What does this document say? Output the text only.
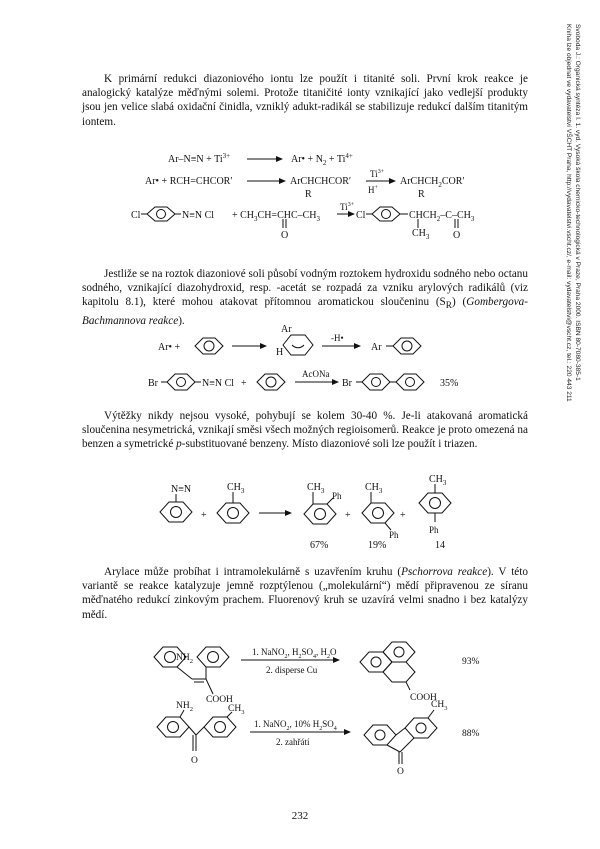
Svoboda J.: Organická syntéza I. 1. vyd. Vysoká škola chemicko-technologická v Praze, Praha 2000. ISBN 80-7080-385-1
Kniha lze objednat ve vydavatelství VŠCHT Praha, http://vydavatelstvi.vscht.cz/, e-mail: vydavatelstvi@vscht.cz, tel.: 220 443 211
K primární redukci diazoniového iontu lze použít i titanité soli. První krok reakce je analogický katalýze měďnými solemi. Protože titaničité ionty vznikající jako vedlejší produkty jsou jen velice slabá oxidační činidla, vzniklý adukt-radikál se stabilizuje redukcí dalším titanitým iontem.
Jestliže se na roztok diazoniové soli působí vodným roztokem hydroxidu sodného nebo octanu sodného, vznikající diazohydroxid, resp. -acetát se rozpadá za vzniku arylových radikálů (viz kapitolu 8.1), které mohou atakovat přítomnou aromatickou sloučeninu $(S_R)$ (Gombergova-Bachmannova reakce).
Výtěžky nikdy nejsou vysoké, pohybují se kolem 30-40 %. Je-li atakovaná aromatická sloučenina nesymetrická, vznikají směsi všech možných regioisomerů. Reakce je proto omezená na benzen a symetrické p-substituované benzeny. Místo diazoniové soli lze použít i triazen.
Arylace může probíhat i intramolekulárně s uzavřením kruhu (Pschorrova reakce). V této variantě se reakce katalyzuje jemně rozptýlenou („molekulární“) mědí připravenou ze síranu měďnatého redukcí zinkovým prachem. Fluorenový kruh se uzavírá velmi snadno i bez katalýzy mědí.
$Ar-N\equiv N + Ti^{3+}$	Ar• + $N_2 + Ti^{4+}$
Ar• + RCH=CHCOR′	ArCHCHCOR′
R
$Ti^{3+}$
H+
ArCHCH$_2$COR′
R
Cl	N≡N $Cl + CH_3CH=CHC-CH_3$
O
$Ti^{3+}$
Cl	$CHCH_2-C-CH_3$
$CH_3$ O
Ar• +
Ar
H
-H•
Ar
Br	N≡N Cl +
AcONa
Br	35%
N≡N
+
$CH_3$	$CH_3$ Ph
+
$CH_3$
Ph
+
$CH_3$
Ph
67%	19%	14
$NH_2$
COOH
1. NaNO$_2$, $H_2SO_4$, $H_2O$
2. disperse Cu
COOH
93%
$NH_2$	$CH_3$
O
1. NaNO$_2$, 10% $H_2SO_4$
2. zahřátí
$CH_3$
O
88%
232
